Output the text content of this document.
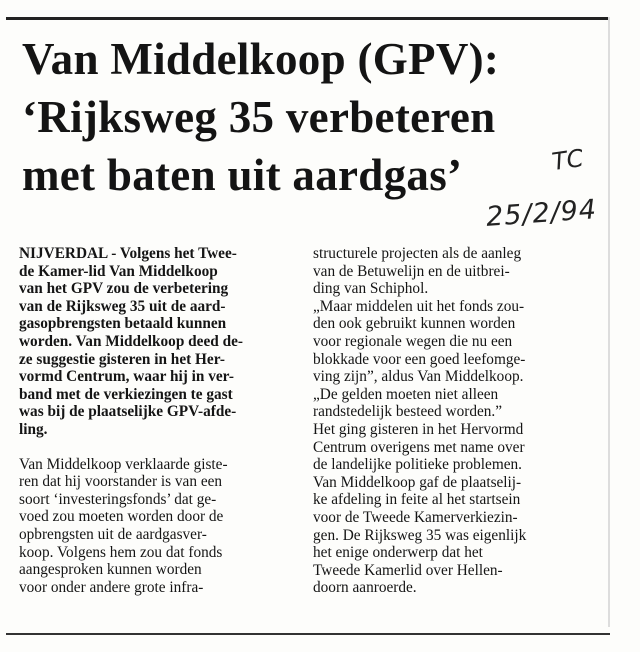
Van Middelkoop (GPV):
‘Rijksweg 35 verbeteren
met baten uit aardgas’	TC
25/2/94

NIJVERDAL - Volgens het Twee-

de Kamer-lid Van Middelkoop

van het GPV zou de verbetering

van de Rijksweg 35 uit de aard-

gasopbrengsten betaald kunnen

worden. Van Middelkoop deed de-

ze suggestie gisteren in het Her-

vormd Centrum, waar hij in ver-

band met de verkiezingen te gast

was bij de plaatselijke GPV-afde-

ling.

Van Middelkoop verklaarde giste-

ren dat hij voorstander is van een

soort ‘investeringsfonds’ dat ge-

voed zou moeten worden door de

opbrengsten uit de aardgasver-

koop. Volgens hem zou dat fonds

aangesproken kunnen worden

voor onder andere grote infra-

structurele projecten als de aanleg

van de Betuwelijn en de uitbrei-

ding van Schiphol.

„Maar middelen uit het fonds zou-

den ook gebruikt kunnen worden

voor regionale wegen die nu een

blokkade voor een goed leefomge-

ving zijn”, aldus Van Middelkoop.

„De gelden moeten niet alleen

randstedelijk besteed worden.”

Het ging gisteren in het Hervormd

Centrum overigens met name over

de landelijke politieke problemen.

Van Middelkoop gaf de plaatselij-

ke afdeling in feite al het startsein

voor de Tweede Kamerverkiezin-

gen. De Rijksweg 35 was eigenlijk

het enige onderwerp dat het

Tweede Kamerlid over Hellen-

doorn aanroerde.
